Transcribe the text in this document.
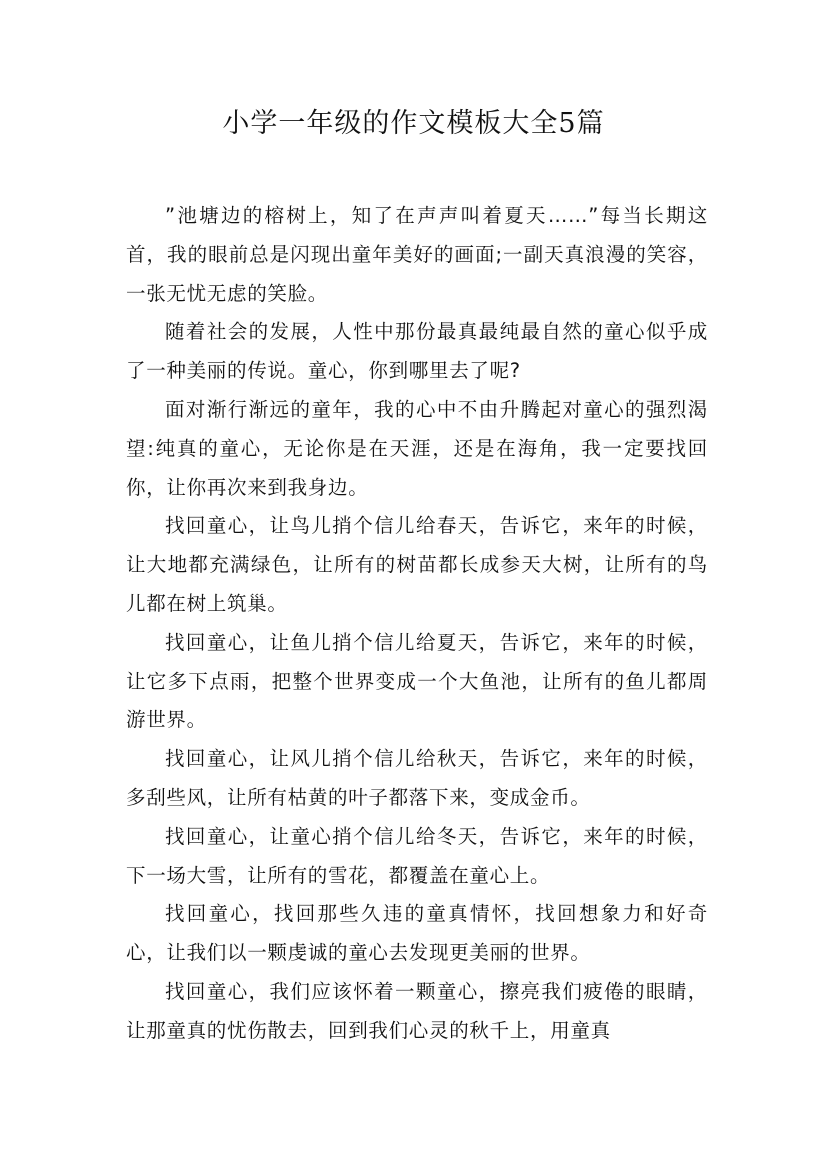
小学一年级的作文模板大全5篇

”池塘边的榕树上，知了在声声叫着夏天……”每当长期这首，我的眼前总是闪现出童年美好的画面;一副天真浪漫的笑容，一张无忧无虑的笑脸。

随着社会的发展，人性中那份最真最纯最自然的童心似乎成了一种美丽的传说。童心，你到哪里去了呢?

面对渐行渐远的童年，我的心中不由升腾起对童心的强烈渴望:纯真的童心，无论你是在天涯，还是在海角，我一定要找回你，让你再次来到我身边。

找回童心，让鸟儿捎个信儿给春天，告诉它，来年的时候，让大地都充满绿色，让所有的树苗都长成参天大树，让所有的鸟儿都在树上筑巢。

找回童心，让鱼儿捎个信儿给夏天，告诉它，来年的时候，让它多下点雨，把整个世界变成一个大鱼池，让所有的鱼儿都周游世界。

找回童心，让风儿捎个信儿给秋天，告诉它，来年的时候，多刮些风，让所有枯黄的叶子都落下来，变成金币。

找回童心，让童心捎个信儿给冬天，告诉它，来年的时候，下一场大雪，让所有的雪花，都覆盖在童心上。

找回童心，找回那些久违的童真情怀，找回想象力和好奇心，让我们以一颗虔诚的童心去发现更美丽的世界。

找回童心，我们应该怀着一颗童心，擦亮我们疲倦的眼睛，让那童真的忧伤散去，回到我们心灵的秋千上，用童真
